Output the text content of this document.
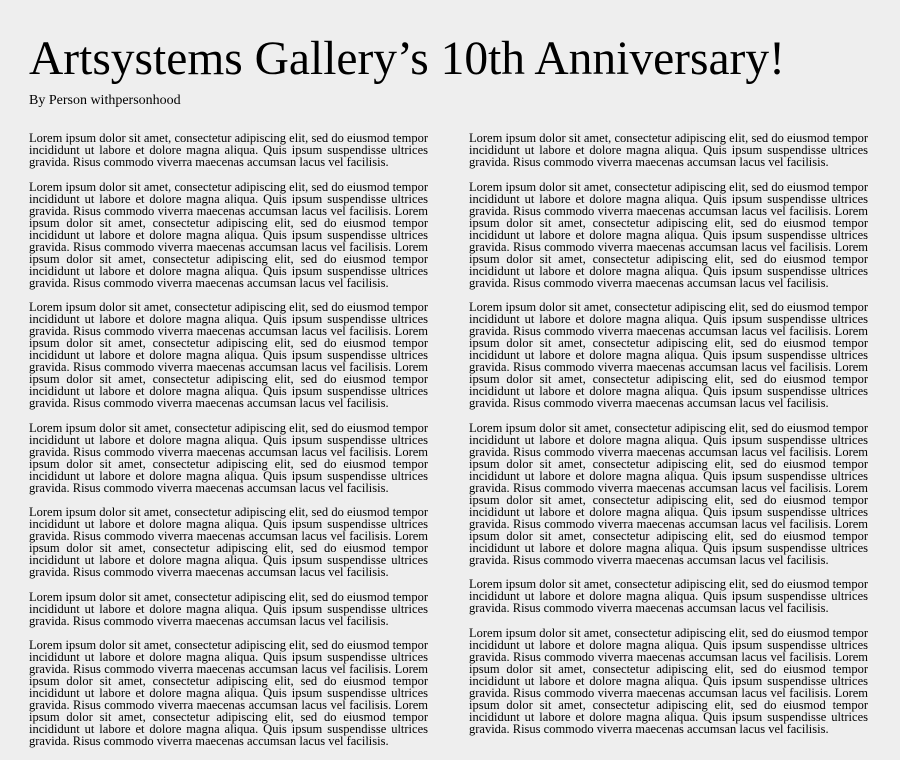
Artsystems Gallery’s 10th Anniversary!

By Person withpersonhood

Lorem ipsum dolor sit amet, consectetur adipiscing elit, sed do eiusmod tempor incididunt ut labore et dolore magna aliqua. Quis ipsum suspendisse ultrices gravida. Risus commodo viverra maecenas accumsan lacus vel facilisis.

Lorem ipsum dolor sit amet, consectetur adipiscing elit, sed do eiusmod tempor incididunt ut labore et dolore magna aliqua. Quis ipsum suspendisse ultrices gravida. Risus commodo viverra maecenas accumsan lacus vel facilisis. Lorem ipsum dolor sit amet, consectetur adipiscing elit, sed do eiusmod tempor incididunt ut labore et dolore magna aliqua. Quis ipsum suspendisse ultrices gravida. Risus commodo viverra maecenas accumsan lacus vel facilisis. Lorem ipsum dolor sit amet, consectetur adipiscing elit, sed do eiusmod tempor incididunt ut labore et dolore magna aliqua. Quis ipsum suspendisse ultrices gravida. Risus commodo viverra maecenas accumsan lacus vel facilisis.

Lorem ipsum dolor sit amet, consectetur adipiscing elit, sed do eiusmod tempor incididunt ut labore et dolore magna aliqua. Quis ipsum suspendisse ultrices gravida. Risus commodo viverra maecenas accumsan lacus vel facilisis. Lorem ipsum dolor sit amet, consectetur adipiscing elit, sed do eiusmod tempor incididunt ut labore et dolore magna aliqua. Quis ipsum suspendisse ultrices gravida. Risus commodo viverra maecenas accumsan lacus vel facilisis. Lorem ipsum dolor sit amet, consectetur adipiscing elit, sed do eiusmod tempor incididunt ut labore et dolore magna aliqua. Quis ipsum suspendisse ultrices gravida. Risus commodo viverra maecenas accumsan lacus vel facilisis.

Lorem ipsum dolor sit amet, consectetur adipiscing elit, sed do eiusmod tempor incididunt ut labore et dolore magna aliqua. Quis ipsum suspendisse ultrices gravida. Risus commodo viverra maecenas accumsan lacus vel facilisis. Lorem ipsum dolor sit amet, consectetur adipiscing elit, sed do eiusmod tempor incididunt ut labore et dolore magna aliqua. Quis ipsum suspendisse ultrices gravida. Risus commodo viverra maecenas accumsan lacus vel facilisis.

Lorem ipsum dolor sit amet, consectetur adipiscing elit, sed do eiusmod tempor incididunt ut labore et dolore magna aliqua. Quis ipsum suspendisse ultrices gravida. Risus commodo viverra maecenas accumsan lacus vel facilisis. Lorem ipsum dolor sit amet, consectetur adipiscing elit, sed do eiusmod tempor incididunt ut labore et dolore magna aliqua. Quis ipsum suspendisse ultrices gravida. Risus commodo viverra maecenas accumsan lacus vel facilisis.

Lorem ipsum dolor sit amet, consectetur adipiscing elit, sed do eiusmod tempor incididunt ut labore et dolore magna aliqua. Quis ipsum suspendisse ultrices gravida. Risus commodo viverra maecenas accumsan lacus vel facilisis.

Lorem ipsum dolor sit amet, consectetur adipiscing elit, sed do eiusmod tempor incididunt ut labore et dolore magna aliqua. Quis ipsum suspendisse ultrices gravida. Risus commodo viverra maecenas accumsan lacus vel facilisis. Lorem ipsum dolor sit amet, consectetur adipiscing elit, sed do eiusmod tempor incididunt ut labore et dolore magna aliqua. Quis ipsum suspendisse ultrices gravida. Risus commodo viverra maecenas accumsan lacus vel facilisis. Lorem ipsum dolor sit amet, consectetur adipiscing elit, sed do eiusmod tempor incididunt ut labore et dolore magna aliqua. Quis ipsum suspendisse ultrices gravida. Risus commodo viverra maecenas accumsan lacus vel facilisis.

Lorem ipsum dolor sit amet, consectetur adipiscing elit, sed do eiusmod tempor incididunt ut labore et dolore magna aliqua. Quis ipsum suspendisse ultrices gravida. Risus commodo viverra maecenas accumsan lacus vel facilisis.

Lorem ipsum dolor sit amet, consectetur adipiscing elit, sed do eiusmod tempor incididunt ut labore et dolore magna aliqua. Quis ipsum suspendisse ultrices gravida. Risus commodo viverra maecenas accumsan lacus vel facilisis. Lorem ipsum dolor sit amet, consectetur adipiscing elit, sed do eiusmod tempor incididunt ut labore et dolore magna aliqua. Quis ipsum suspendisse ultrices gravida. Risus commodo viverra maecenas accumsan lacus vel facilisis. Lorem ipsum dolor sit amet, consectetur adipiscing elit, sed do eiusmod tempor incididunt ut labore et dolore magna aliqua. Quis ipsum suspendisse ultrices gravida. Risus commodo viverra maecenas accumsan lacus vel facilisis.

Lorem ipsum dolor sit amet, consectetur adipiscing elit, sed do eiusmod tempor incididunt ut labore et dolore magna aliqua. Quis ipsum suspendisse ultrices gravida. Risus commodo viverra maecenas accumsan lacus vel facilisis. Lorem ipsum dolor sit amet, consectetur adipiscing elit, sed do eiusmod tempor incididunt ut labore et dolore magna aliqua. Quis ipsum suspendisse ultrices gravida. Risus commodo viverra maecenas accumsan lacus vel facilisis. Lorem ipsum dolor sit amet, consectetur adipiscing elit, sed do eiusmod tempor incididunt ut labore et dolore magna aliqua. Quis ipsum suspendisse ultrices gravida. Risus commodo viverra maecenas accumsan lacus vel facilisis.

Lorem ipsum dolor sit amet, consectetur adipiscing elit, sed do eiusmod tempor incididunt ut labore et dolore magna aliqua. Quis ipsum suspendisse ultrices gravida. Risus commodo viverra maecenas accumsan lacus vel facilisis. Lorem ipsum dolor sit amet, consectetur adipiscing elit, sed do eiusmod tempor incididunt ut labore et dolore magna aliqua. Quis ipsum suspendisse ultrices gravida. Risus commodo viverra maecenas accumsan lacus vel facilisis. Lorem ipsum dolor sit amet, consectetur adipiscing elit, sed do eiusmod tempor incididunt ut labore et dolore magna aliqua. Quis ipsum suspendisse ultrices gravida. Risus commodo viverra maecenas accumsan lacus vel facilisis. Lorem ipsum dolor sit amet, consectetur adipiscing elit, sed do eiusmod tempor incididunt ut labore et dolore magna aliqua. Quis ipsum suspendisse ultrices gravida. Risus commodo viverra maecenas accumsan lacus vel facilisis.

Lorem ipsum dolor sit amet, consectetur adipiscing elit, sed do eiusmod tempor incididunt ut labore et dolore magna aliqua. Quis ipsum suspendisse ultrices gravida. Risus commodo viverra maecenas accumsan lacus vel facilisis.

Lorem ipsum dolor sit amet, consectetur adipiscing elit, sed do eiusmod tempor incididunt ut labore et dolore magna aliqua. Quis ipsum suspendisse ultrices gravida. Risus commodo viverra maecenas accumsan lacus vel facilisis. Lorem ipsum dolor sit amet, consectetur adipiscing elit, sed do eiusmod tempor incididunt ut labore et dolore magna aliqua. Quis ipsum suspendisse ultrices gravida. Risus commodo viverra maecenas accumsan lacus vel facilisis. Lorem ipsum dolor sit amet, consectetur adipiscing elit, sed do eiusmod tempor incididunt ut labore et dolore magna aliqua. Quis ipsum suspendisse ultrices gravida. Risus commodo viverra maecenas accumsan lacus vel facilisis.
